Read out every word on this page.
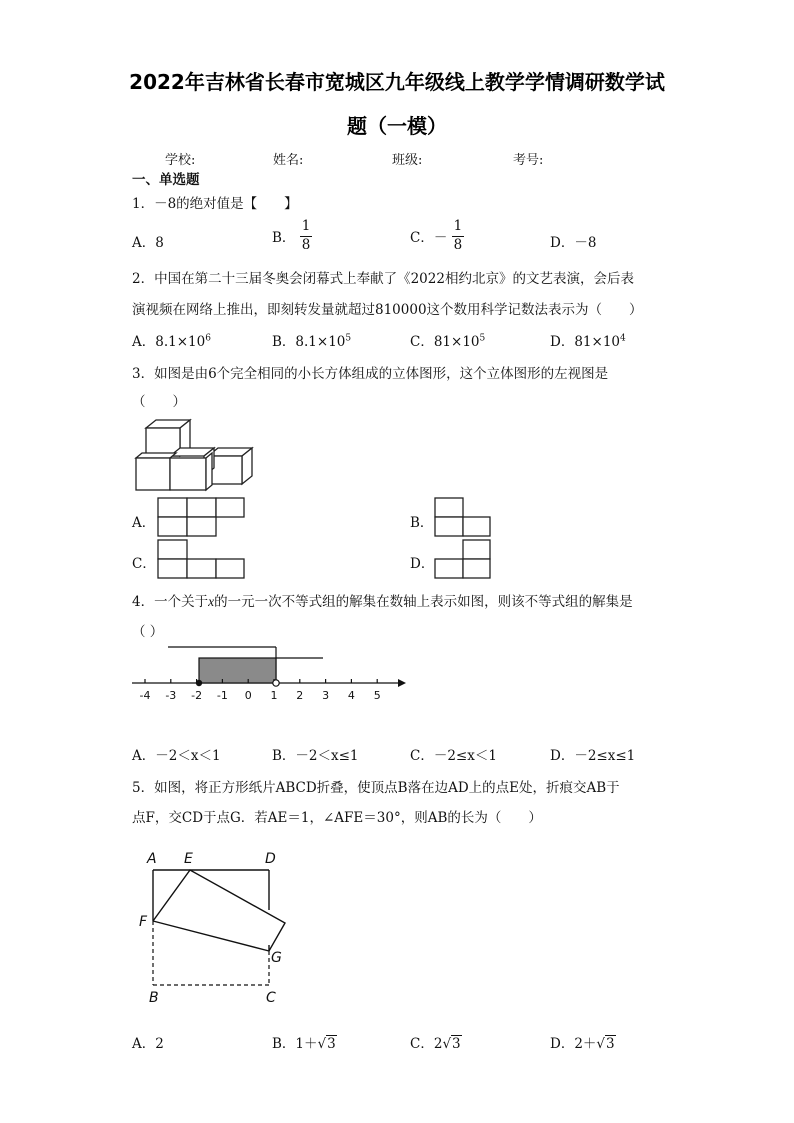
2022年吉林省长春市宽城区九年级线上教学学情调研数学试
题（一模）
学校:	姓名:	班级:	考号:
一、单选题
1．－8的绝对值是【　　】
A．8	B． $\frac{1}{8}$	C．－ $\frac{1}{8}$	D．－8
2．中国在第二十三届冬奥会闭幕式上奉献了《2022相约北京》的文艺表演，会后表
演视频在网络上推出，即刻转发量就超过810000这个数用科学记数法表示为（　　）
A．$8.1\times 10^6$	B．$8.1\times 10^5$	C．$81\times 10^5$	D．$81\times 10^4$
3．如图是由6个完全相同的小长方体组成的立体图形，这个立体图形的左视图是
（　　）
A．	B．
C．	D．
4．一个关于x的一元一次不等式组的解集在数轴上表示如图，则该不等式组的解集是
（ ）
-4 -3 -2 -1 0 1 2 3 4 5
A．－2＜x＜1	B．－2＜x≤1	C．－2≤x＜1	D．－2≤x≤1
5．如图，将正方形纸片ABCD折叠，使顶点B落在边AD上的点E处，折痕交AB于
点F，交CD于点G．若AE＝1，∠AFE＝30°，则AB的长为（　　）
A E	D
F
G
B	C
A．2	B．1＋√3	C．2√3	D．2＋√3
